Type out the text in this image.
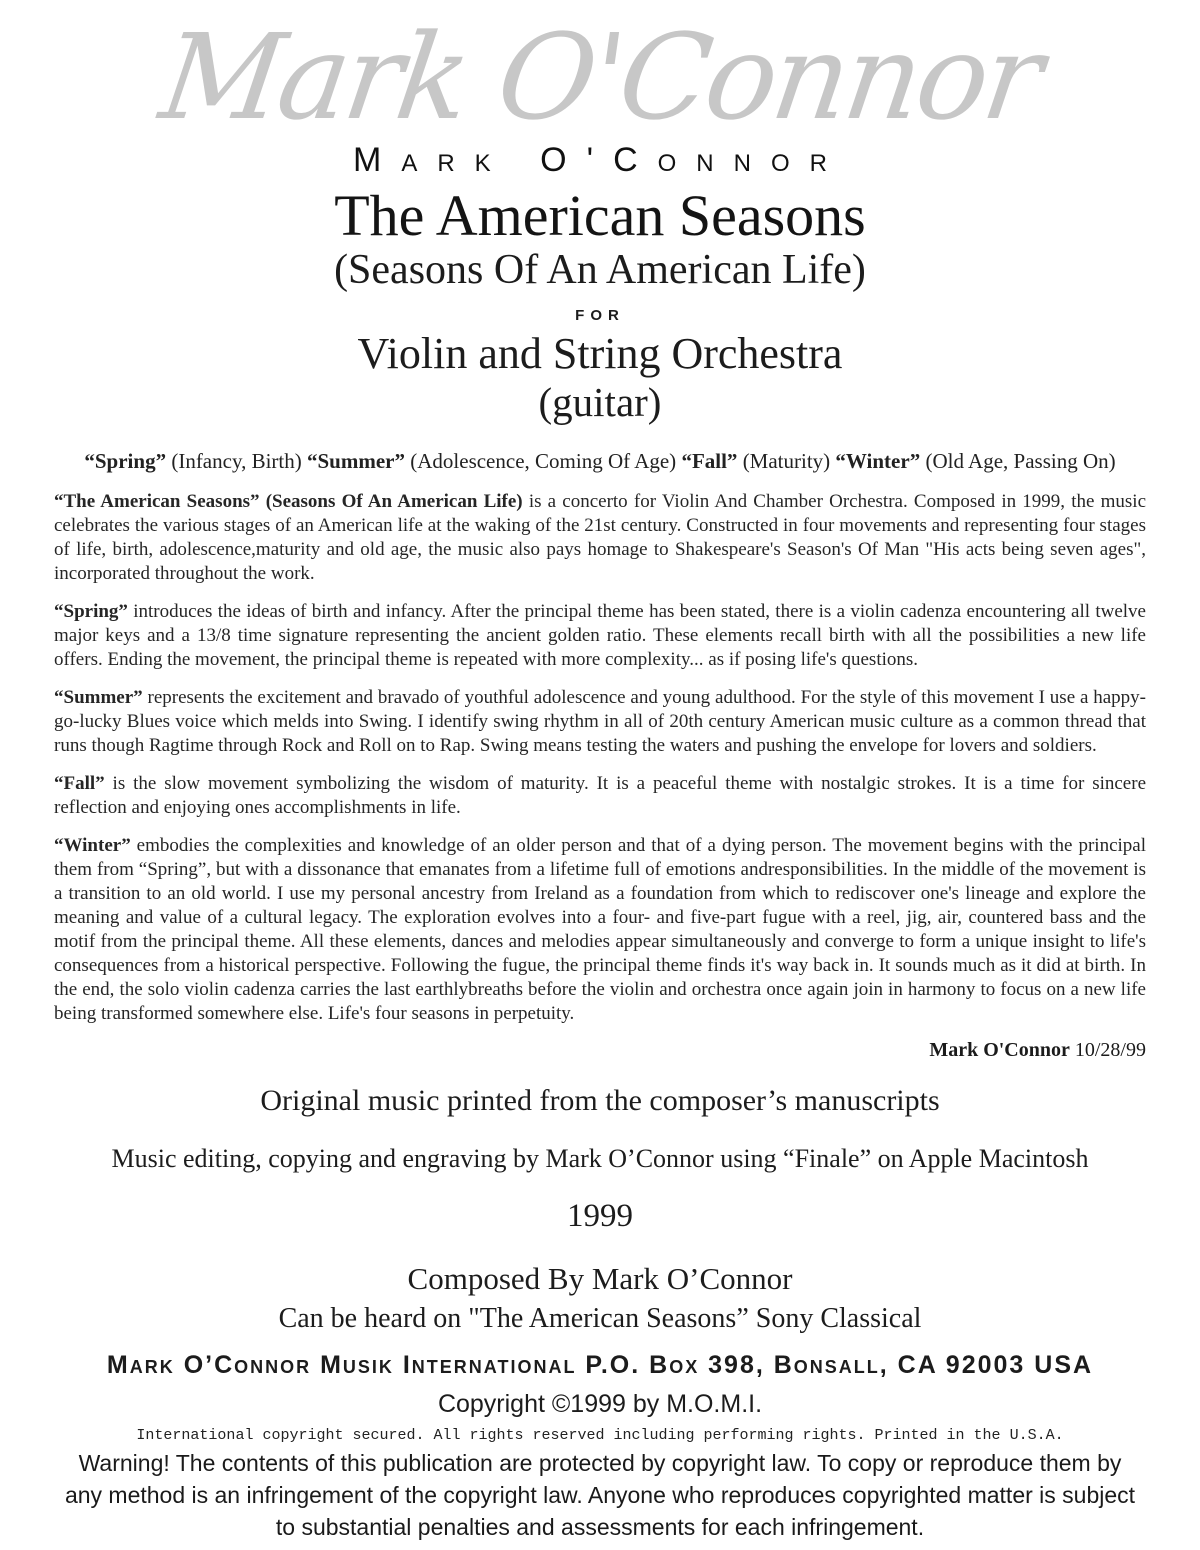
Mark O'Connor
Mark O'Connor
The American Seasons
(Seasons Of An American Life)
FOR
Violin and String Orchestra
(guitar)
“Spring” (Infancy, Birth) “Summer” (Adolescence, Coming Of Age) “Fall” (Maturity) “Winter” (Old Age, Passing On)

“The American Seasons” (Seasons Of An American Life) is a concerto for Violin And Chamber Orchestra. Composed in 1999, the music celebrates the various stages of an American life at the waking of the 21st century. Constructed in four movements and representing four stages of life, birth, adolescence,maturity and old age, the music also pays homage to Shakespeare's Season's Of Man "His acts being seven ages", incorporated throughout the work.

“Spring” introduces the ideas of birth and infancy. After the principal theme has been stated, there is a violin cadenza encountering all twelve major keys and a 13/8 time signature representing the ancient golden ratio. These elements recall birth with all the possibilities a new life offers. Ending the movement, the principal theme is repeated with more complexity... as if posing life's questions.

“Summer” represents the excitement and bravado of youthful adolescence and young adulthood. For the style of this movement I use a happy-go-lucky Blues voice which melds into Swing. I identify swing rhythm in all of 20th century American music culture as a common thread that runs though Ragtime through Rock and Roll on to Rap. Swing means testing the waters and pushing the envelope for lovers and soldiers.

“Fall” is the slow movement symbolizing the wisdom of maturity. It is a peaceful theme with nostalgic strokes. It is a time for sincere reflection and enjoying ones accomplishments in life.

“Winter” embodies the complexities and knowledge of an older person and that of a dying person. The movement begins with the principal them from “Spring”, but with a dissonance that emanates from a lifetime full of emotions andresponsibilities. In the middle of the movement is a transition to an old world. I use my personal ancestry from Ireland as a foundation from which to rediscover one's lineage and explore the meaning and value of a cultural legacy. The exploration evolves into a four- and five-part fugue with a reel, jig, air, countered bass and the motif from the principal theme. All these elements, dances and melodies appear simultaneously and converge to form a unique insight to life's consequences from a historical perspective. Following the fugue, the principal theme finds it's way back in. It sounds much as it did at birth. In the end, the solo violin cadenza carries the last earthlybreaths before the violin and orchestra once again join in harmony to focus on a new life being transformed somewhere else. Life's four seasons in perpetuity.

Mark O'Connor 10/28/99
Original music printed from the composer’s manuscripts
Music editing, copying and engraving by Mark O’Connor using “Finale” on Apple Macintosh
1999
Composed By Mark O’Connor
Can be heard on "The American Seasons” Sony Classical
Mark O’Connor Musik International P.O. Box 398, Bonsall, CA 92003 USA
Copyright ©1999 by M.O.M.I.
International copyright secured. All rights reserved including performing rights. Printed in the U.S.A.
Warning! The contents of this publication are protected by copyright law. To copy or reproduce them by any method is an infringement of the copyright law. Anyone who reproduces copyrighted matter is subject to substantial penalties and assessments for each infringement.
